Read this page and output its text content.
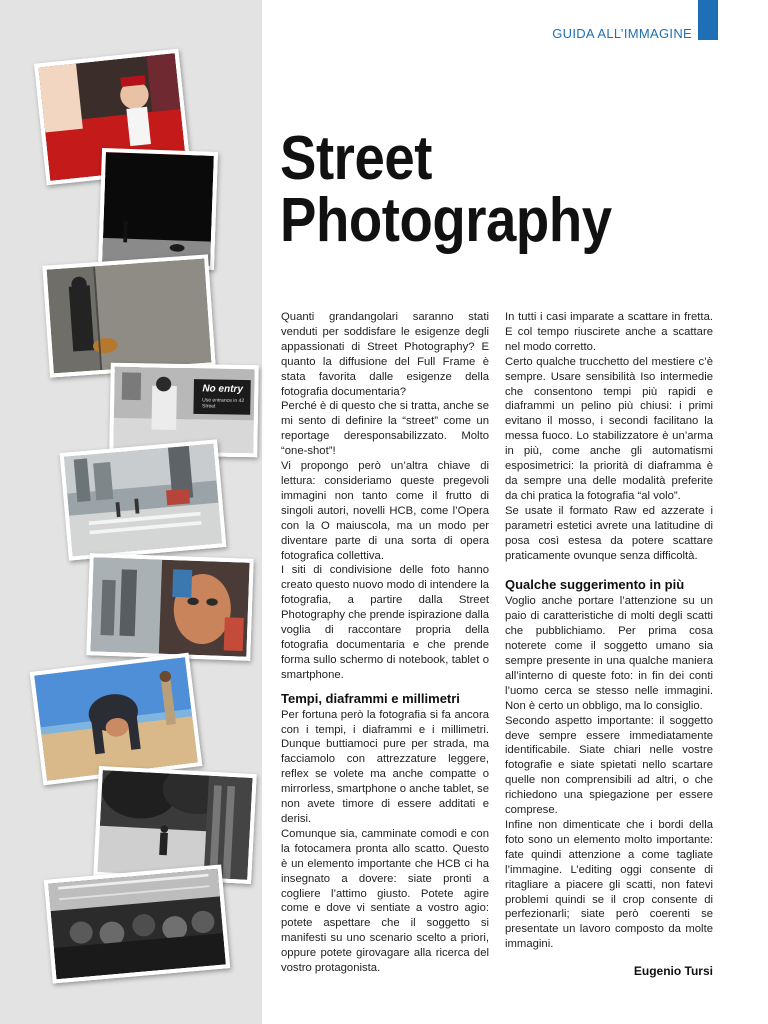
No entry
Use entrance in 42 Street
GUIDA ALL’IMMAGINE
Street
Photography

Quanti grandangolari saranno stati venduti per soddisfare le esigenze degli appassionati di Street Photography? E quanto la diffusione del Full Frame è stata favorita dalle esigenze della fotografia documentaria?

Perché è di questo che si tratta, anche se mi sento di definire la “street” come un reportage deresponsabilizzato. Molto “one-shot”!

Vi propongo però un’altra chiave di lettura: consideriamo queste pregevoli immagini non tanto come il frutto di singoli autori, novelli HCB, come l’Opera con la O maiuscola, ma un modo per diventare parte di una sorta di opera fotografica collettiva.

I siti di condivisione delle foto hanno creato questo nuovo modo di intendere la fotografia, a partire dalla Street Photography che prende ispirazione dalla voglia di raccontare propria della fotografia documentaria e che prende forma sullo schermo di notebook, tablet o smartphone.

Tempi, diaframmi e millimetri

Per fortuna però la fotografia si fa ancora con i tempi, i diaframmi e i millimetri. Dunque buttiamoci pure per strada, ma facciamolo con attrezzature leggere, reflex se volete ma anche compatte o mirrorless, smartphone o anche tablet, se non avete timore di essere additati e derisi.

Comunque sia, camminate comodi e con la fotocamera pronta allo scatto. Questo è un elemento importante che HCB ci ha insegnato a dovere: siate pronti a cogliere l’attimo giusto. Potete agire come e dove vi sentiate a vostro agio: potete aspettare che il soggetto si manifesti su uno scenario scelto a priori, oppure potete girovagare alla ricerca del vostro protagonista.

In tutti i casi imparate a scattare in fretta. E col tempo riuscirete anche a scattare nel modo corretto.

Certo qualche trucchetto del mestiere c’è sempre. Usare sensibilità Iso intermedie che consentono tempi più rapidi e diaframmi un pelino più chiusi: i primi evitano il mosso, i secondi facilitano la messa fuoco. Lo stabilizzatore è un’arma in più, come anche gli automatismi esposimetrici: la priorità di diaframma è da sempre una delle modalità preferite da chi pratica la fotografia “al volo”.

Se usate il formato Raw ed azzerate i parametri estetici avrete una latitudine di posa così estesa da potere scattare praticamente ovunque senza difficoltà.

Qualche suggerimento in più

Voglio anche portare l’attenzione su un paio di caratteristiche di molti degli scatti che pubblichiamo. Per prima cosa noterete come il soggetto umano sia sempre presente in una qualche maniera all’interno di queste foto: in fin dei conti l’uomo cerca se stesso nelle immagini. Non è certo un obbligo, ma lo consiglio.

Secondo aspetto importante: il soggetto deve sempre essere immediatamente identificabile. Siate chiari nelle vostre fotografie e siate spietati nello scartare quelle non comprensibili ad altri, o che richiedono una spiegazione per essere comprese.

Infine non dimenticate che i bordi della foto sono un elemento molto importante: fate quindi attenzione a come tagliate l’immagine. L’editing oggi consente di ritagliare a piacere gli scatti, non fatevi problemi quindi se il crop consente di perfezionarli; siate però coerenti se presentate un lavoro composto da molte immagini.

Eugenio Tursi
